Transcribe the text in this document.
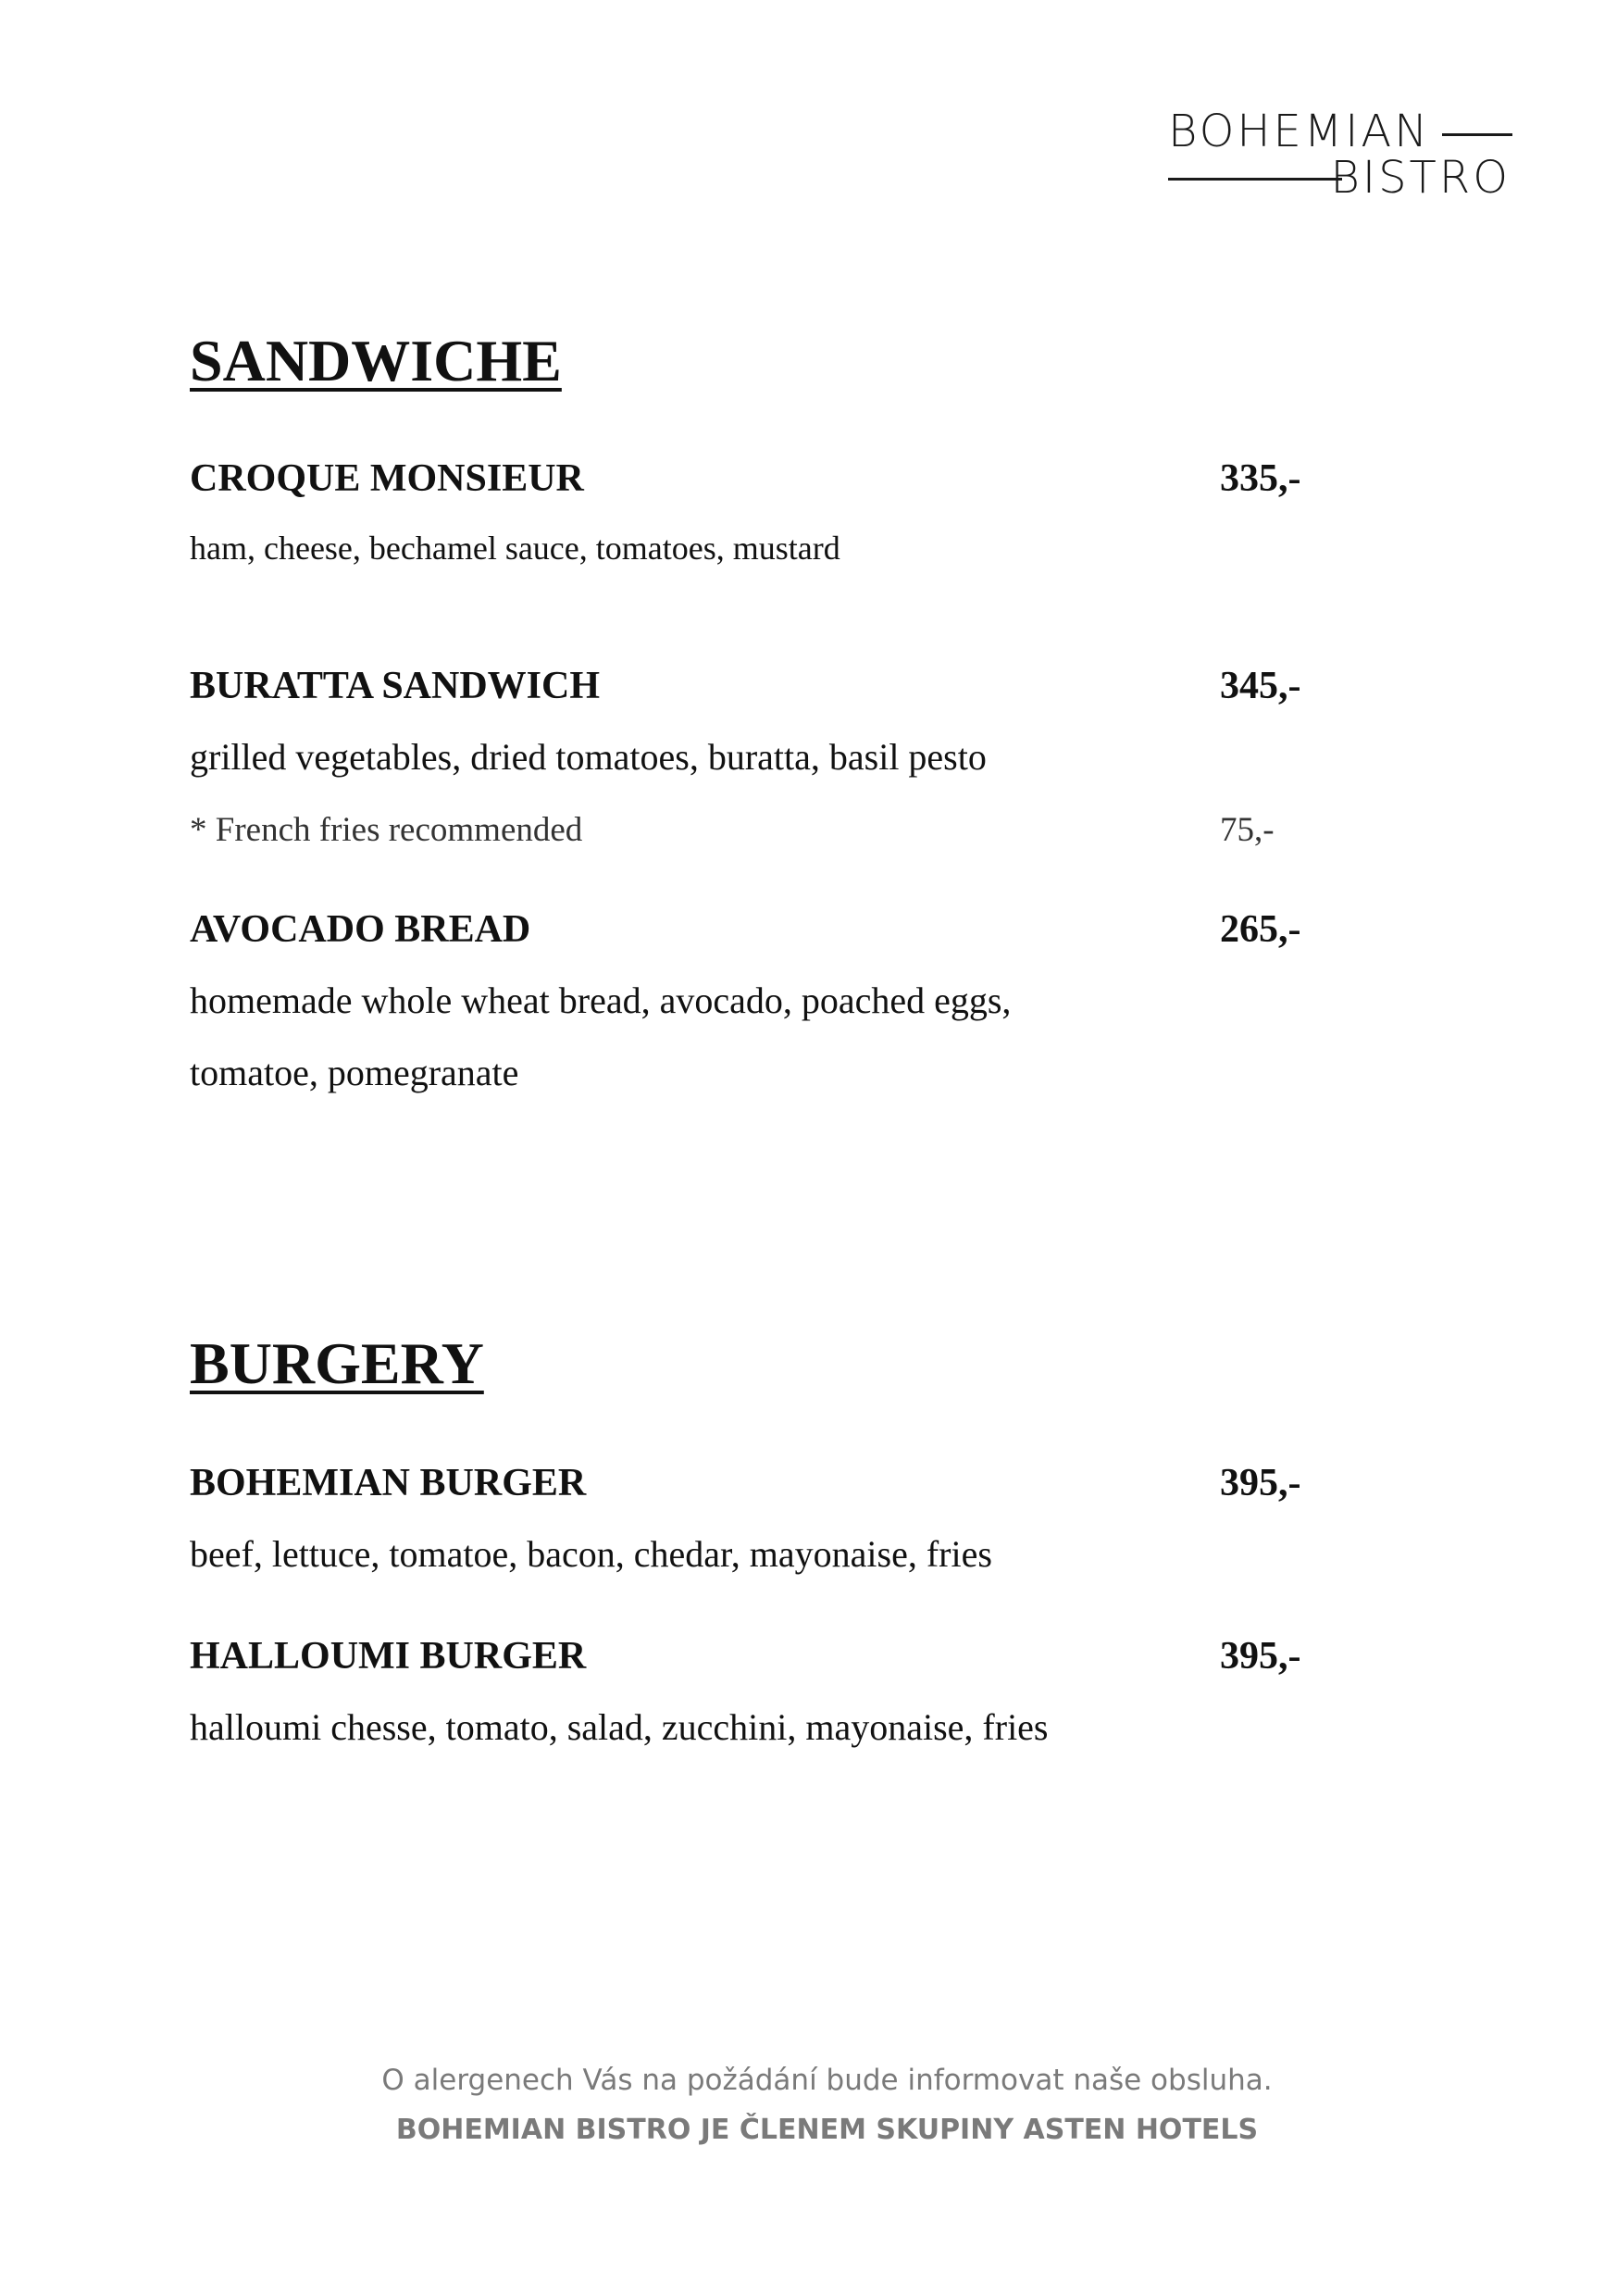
BOHEMIAN
BISTRO
SANDWICHE
CROQUE MONSIEUR	335,-
ham, cheese, bechamel sauce, tomatoes, mustard
BURATTA SANDWICH	345,-
grilled vegetables, dried tomatoes, buratta, basil pesto
* French fries recommended	75,-
AVOCADO BREAD	265,-
homemade whole wheat bread, avocado, poached eggs,
tomatoe, pomegranate
BURGERY
BOHEMIAN BURGER	395,-
beef, lettuce, tomatoe, bacon, chedar, mayonaise, fries
HALLOUMI BURGER	395,-
halloumi chesse, tomato, salad, zucchini, mayonaise, fries
O alergenech Vás na požádání bude informovat naše obsluha.
BOHEMIAN BISTRO JE ČLENEM SKUPINY ASTEN HOTELS
